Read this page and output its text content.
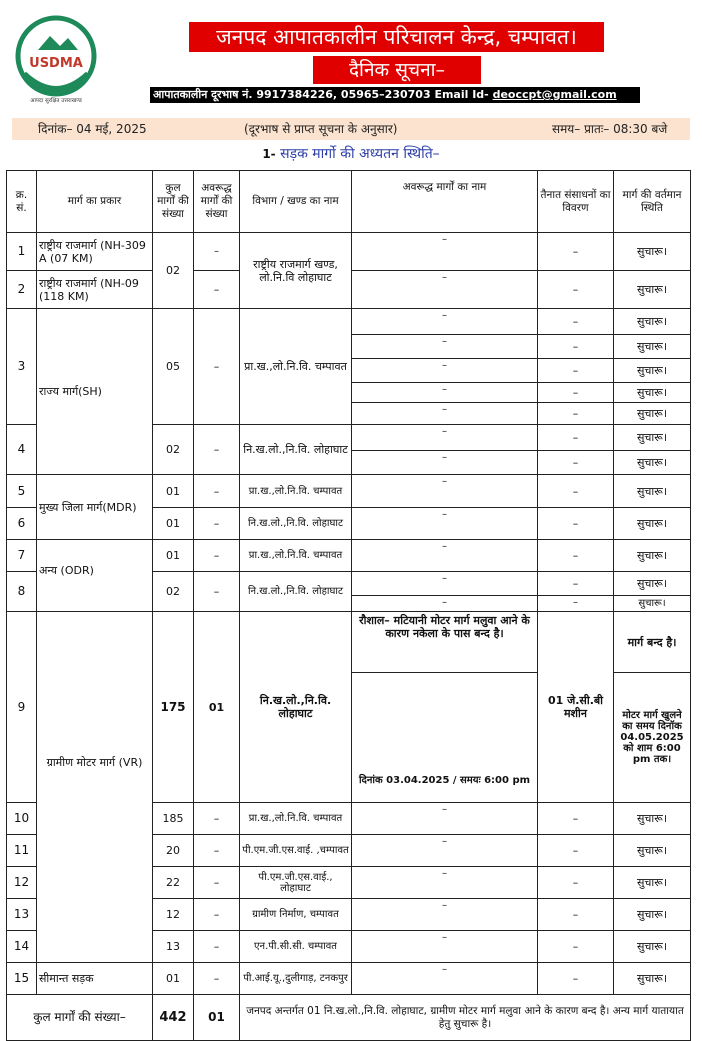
USDMA
आपदा सुरक्षित उत्तराखण्ड
जनपद आपातकालीन परिचालन केन्द्र, चम्पावत।
दैनिक सूचना–
आपातकालीन दूरभाष नं. 9917384226, 05965–230703 Email Id- deoccpt@gmail.com
दिनांक– 04 मई, 2025	(दूरभाष से प्राप्त सूचना के अनुसार)	समय– प्रातः– 08:30 बजे
1- सड़क मार्गो की अध्यतन स्थिति–
क्र. सं.	मार्ग का प्रकार	कुल मार्गों की संख्या	अवरूद्ध मार्गों की संख्या	विभाग / खण्ड का नाम	अवरूद्ध मार्गों का नाम	तैनात संसाधनों का विवरण	मार्ग की वर्तमान स्थिति
1	राष्ट्रीय राजमार्ग (NH-309 A (07 KM)	02	–	राष्ट्रीय राजमार्ग खण्ड, लो.नि.वि लोहाघाट	–	–	सुचारू।
2	राष्ट्रीय राजमार्ग (NH-09 (118 KM)		–		–	–	सुचारू।
3	राज्य मार्ग(SH)	05	–	प्रा.ख.,लो.नि.वि. चम्पावत	–	–	सुचारू।
					–	–	सुचारू।
					–	–	सुचारू।
					–	–	सुचारू।
					–	–	सुचारू।
4		02	–	नि.ख.लो.,नि.वि. लोहाघाट	–	–	सुचारू।
					–	–	सुचारू।
5	मुख्य जिला मार्ग(MDR)	01	–	प्रा.ख.,लो.नि.वि. चम्पावत	–	–	सुचारू।
6		01	–	नि.ख.लो.,नि.वि. लोहाघाट	–	–	सुचारू।
7	अन्य (ODR)	01	–	प्रा.ख.,लो.नि.वि. चम्पावत	–	–	सुचारू।
8		02	–	नि.ख.लो.,नि.वि. लोहाघाट	–	–	सुचारू।
					–	–	सुचारू।
9	ग्रामीण मोटर मार्ग (VR)	175	01	नि.ख.लो.,नि.वि. लोहाघाट	रौशाल– मटियानी मोटर मार्ग मलुवा आने के कारण नकेला के पास बन्द है।	01 जे.सी.बी मशीन	मार्ग बन्द है।
					दिनांक 03.04.2025 / समयः 6:00 pm		मोटर मार्ग खुलने का समय दिनॉक 04.05.2025 को शाम 6:00 pm तक।
10		185	–	प्रा.ख.,लो.नि.वि. चम्पावत	–	–	सुचारू।
11		20	–	पी.एम.जी.एस.वाई. ,चम्पावत	–	–	सुचारू।
12		22	–	पी.एम.जी.एस.वाई., लोहाघाट	–	–	सुचारू।
13		12	–	ग्रामीण निर्माण, चम्पावत	–	–	सुचारू।
14		13	–	एन.पी.सी.सी. चम्पावत	–	–	सुचारू।
15	सीमान्त सड़क	01	–	पी.आई.यू.,दुलीगाड़, टनकपुर	–	–	सुचारू।
कुल मार्गों की संख्या–		442	01	जनपद अन्तर्गत 01 नि.ख.लो.,नि.वि. लोहाघाट, ग्रामीण मोटर मार्ग मलुवा आने के कारण बन्द है। अन्य मार्ग यातायात हेतु सुचारू है।			
